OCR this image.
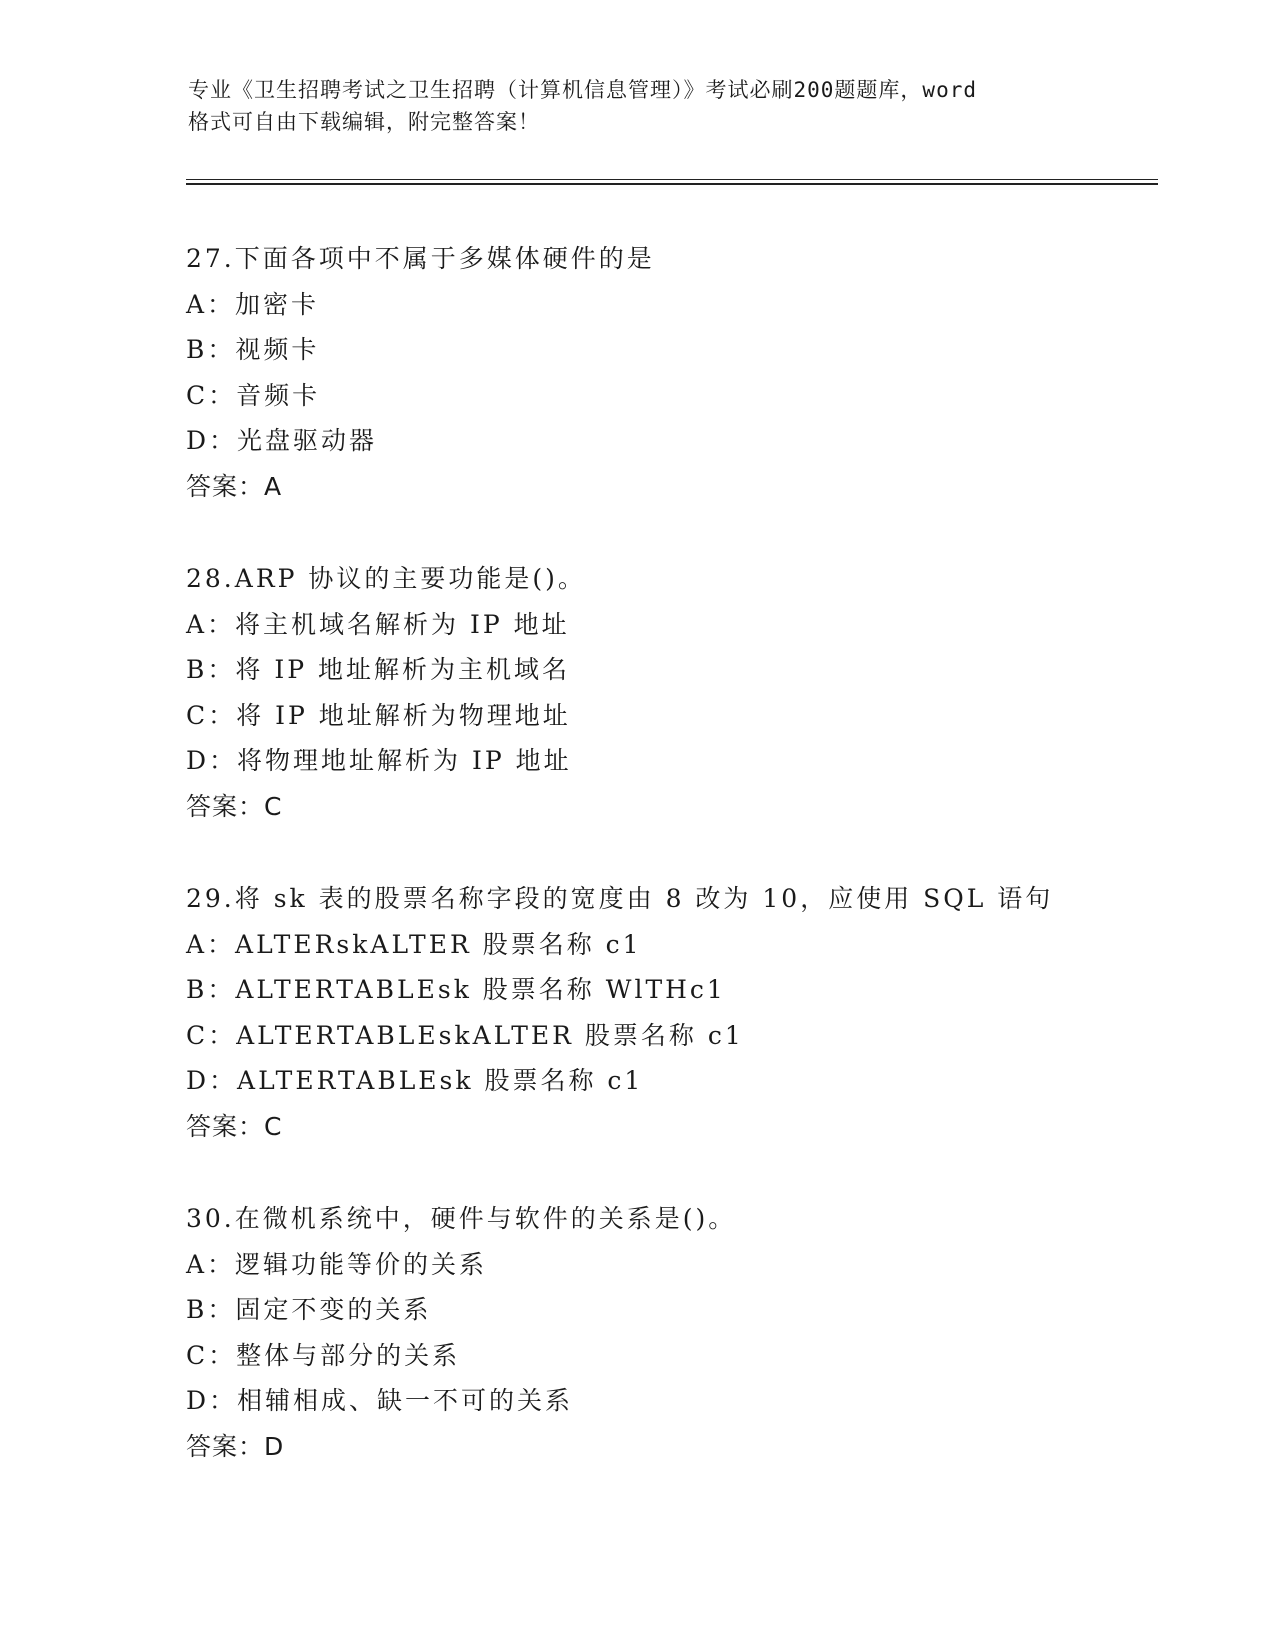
专业《卫生招聘考试之卫生招聘（计算机信息管理）》考试必刷200题题库，word
格式可自由下载编辑，附完整答案！
27.下面各项中不属于多媒体硬件的是
A：加密卡
B：视频卡
C：音频卡
D：光盘驱动器
答案：A
28.ARP 协议的主要功能是()。
A：将主机域名解析为 IP 地址
B：将 IP 地址解析为主机域名
C：将 IP 地址解析为物理地址
D：将物理地址解析为 IP 地址
答案：C
29.将 sk 表的股票名称字段的宽度由 8 改为 10，应使用 SQL 语句
A：ALTERskALTER 股票名称 c1
B：ALTERTABLEsk 股票名称 WlTHc1
C：ALTERTABLEskALTER 股票名称 c1
D：ALTERTABLEsk 股票名称 c1
答案：C
30.在微机系统中，硬件与软件的关系是()。
A：逻辑功能等价的关系
B：固定不变的关系
C：整体与部分的关系
D：相辅相成、缺一不可的关系
答案：D
